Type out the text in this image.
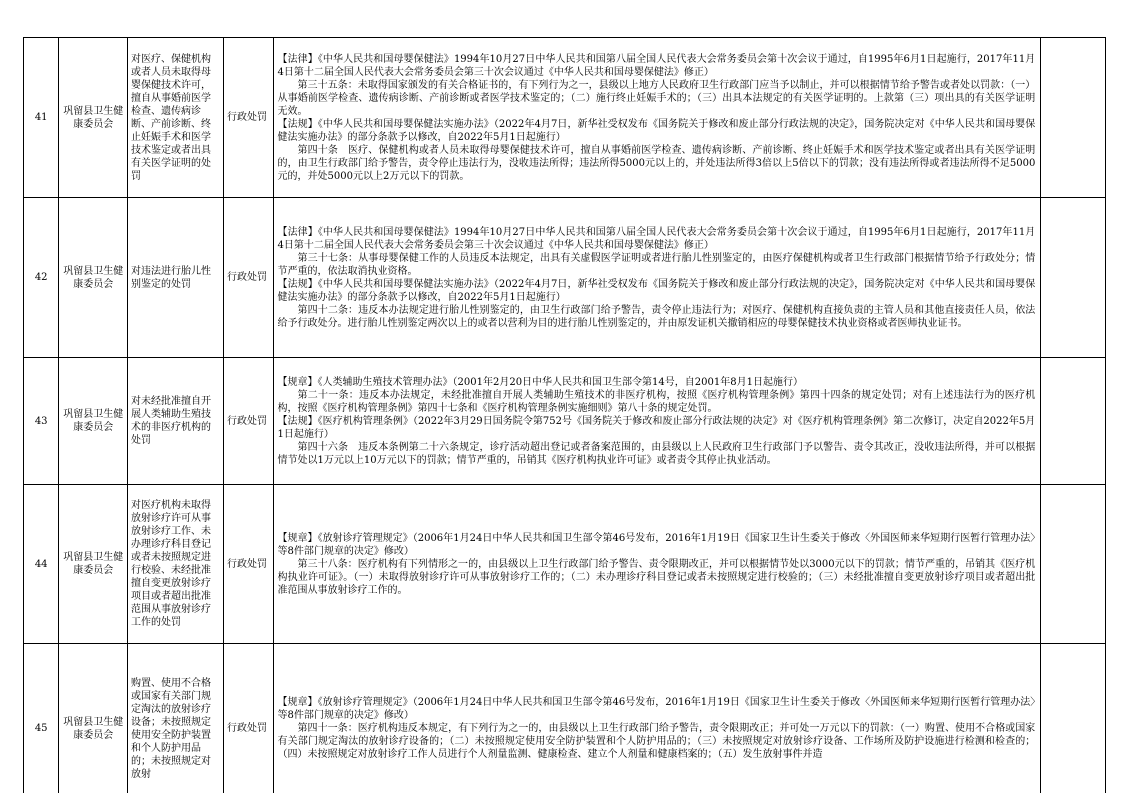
41	巩留县卫生健康委员会	对医疗、保健机构或者人员未取得母婴保健技术许可，擅自从事婚前医学检查、遗传病诊断、产前诊断、终止妊娠手术和医学技术鉴定或者出具有关医学证明的处罚	行政处罚	【法律】《中华人民共和国母婴保健法》1994年10月27日中华人民共和国第八届全国人民代表大会常务委员会第十次会议于通过，自1995年6月1日起施行，2017年11月4日第十二届全国人民代表大会常务委员会第三十次会议通过《中华人民共和国母婴保健法》修正）
第三十五条：未取得国家颁发的有关合格证书的，有下列行为之一，县级以上地方人民政府卫生行政部门应当予以制止，并可以根据情节给予警告或者处以罚款：（一）从事婚前医学检查、遗传病诊断、产前诊断或者医学技术鉴定的；（二）施行终止妊娠手术的；（三）出具本法规定的有关医学证明的。上款第（三）项出具的有关医学证明无效。
【法规】《中华人民共和国母婴保健法实施办法》（2022年4月7日，新华社受权发布《国务院关于修改和废止部分行政法规的决定》，国务院决定对《中华人民共和国母婴保健法实施办法》的部分条款予以修改，自2022年5月1日起施行）
第四十条　医疗、保健机构或者人员未取得母婴保健技术许可，擅自从事婚前医学检查、遗传病诊断、产前诊断、终止妊娠手术和医学技术鉴定或者出具有关医学证明的，由卫生行政部门给予警告，责令停止违法行为，没收违法所得；违法所得5000元以上的，并处违法所得3倍以上5倍以下的罚款；没有违法所得或者违法所得不足5000元的，并处5000元以上2万元以下的罚款。	

42	巩留县卫生健康委员会	对违法进行胎儿性别鉴定的处罚	行政处罚	【法律】《中华人民共和国母婴保健法》1994年10月27日中华人民共和国第八届全国人民代表大会常务委员会第十次会议于通过，自1995年6月1日起施行，2017年11月4日第十二届全国人民代表大会常务委员会第三十次会议通过《中华人民共和国母婴保健法》修正）
第三十七条：从事母婴保健工作的人员违反本法规定，出具有关虚假医学证明或者进行胎儿性别鉴定的，由医疗保健机构或者卫生行政部门根据情节给予行政处分；情节严重的，依法取消执业资格。
【法规】《中华人民共和国母婴保健法实施办法》（2022年4月7日，新华社受权发布《国务院关于修改和废止部分行政法规的决定》，国务院决定对《中华人民共和国母婴保健法实施办法》的部分条款予以修改，自2022年5月1日起施行）
第四十二条：违反本办法规定进行胎儿性别鉴定的，由卫生行政部门给予警告，责令停止违法行为；对医疗、保健机构直接负责的主管人员和其他直接责任人员，依法给予行政处分。进行胎儿性别鉴定两次以上的或者以营利为目的进行胎儿性别鉴定的，并由原发证机关撤销相应的母婴保健技术执业资格或者医师执业证书。	

43	巩留县卫生健康委员会	对未经批准擅自开展人类辅助生殖技术的非医疗机构的处罚	行政处罚	【规章】《人类辅助生殖技术管理办法》（2001年2月20日中华人民共和国卫生部令第14号，自2001年8月1日起施行）
第二十一条：违反本办法规定，未经批准擅自开展人类辅助生殖技术的非医疗机构，按照《医疗机构管理条例》第四十四条的规定处罚；对有上述违法行为的医疗机构，按照《医疗机构管理条例》第四十七条和《医疗机构管理条例实施细则》第八十条的规定处罚。
【法规】《医疗机构管理条例》（2022年3月29日国务院令第752号《国务院关于修改和废止部分行政法规的决定》对《医疗机构管理条例》第二次修订，决定自2022年5月1日起施行）
第四十六条　违反本条例第二十六条规定，诊疗活动超出登记或者备案范围的，由县级以上人民政府卫生行政部门予以警告、责令其改正，没收违法所得，并可以根据情节处以1万元以上10万元以下的罚款；情节严重的，吊销其《医疗机构执业许可证》或者责令其停止执业活动。	

44	巩留县卫生健康委员会	对医疗机构未取得放射诊疗许可从事放射诊疗工作、未办理诊疗科目登记或者未按照规定进行校验、未经批准擅自变更放射诊疗项目或者超出批准范围从事放射诊疗工作的处罚	行政处罚	【规章】《放射诊疗管理规定》（2006年1月24日中华人民共和国卫生部令第46号发布，2016年1月19日《国家卫生计生委关于修改〈外国医师来华短期行医暂行管理办法〉等8件部门规章的决定》修改）
第三十八条：医疗机构有下列情形之一的，由县级以上卫生行政部门给予警告、责令限期改正，并可以根据情节处以3000元以下的罚款；情节严重的，吊销其《医疗机构执业许可证》。（一）未取得放射诊疗许可从事放射诊疗工作的；（二）未办理诊疗科目登记或者未按照规定进行校验的；（三）未经批准擅自变更放射诊疗项目或者超出批准范围从事放射诊疗工作的。	

45	巩留县卫生健康委员会	购置、使用不合格或国家有关部门规定淘汰的放射诊疗设备；未按照规定使用安全防护装置和个人防护用品的；未按照规定对放射	行政处罚	【规章】《放射诊疗管理规定》（2006年1月24日中华人民共和国卫生部令第46号发布，2016年1月19日《国家卫生计生委关于修改〈外国医师来华短期行医暂行管理办法〉等8件部门规章的决定》修改）
第四十一条：医疗机构违反本规定，有下列行为之一的，由县级以上卫生行政部门给予警告，责令限期改正；并可处一万元以下的罚款：（一）购置、使用不合格或国家有关部门规定淘汰的放射诊疗设备的；（二）未按照规定使用安全防护装置和个人防护用品的；（三）未按照规定对放射诊疗设备、工作场所及防护设施进行检测和检查的；（四）未按照规定对放射诊疗工作人员进行个人剂量监测、健康检查、建立个人剂量和健康档案的；（五）发生放射事件并造	
